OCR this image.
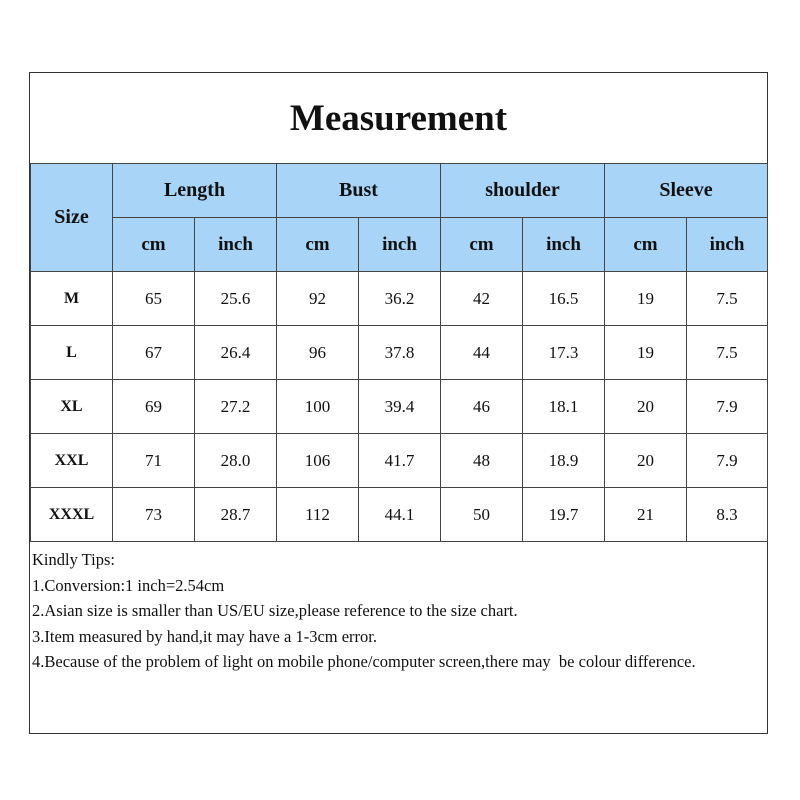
Measurement
Size	Length		Bust		shoulder		Sleeve	
	cm	inch	cm	inch	cm	inch	cm	inch
M	65	25.6	92	36.2	42	16.5	19	7.5
L	67	26.4	96	37.8	44	17.3	19	7.5
XL	69	27.2	100	39.4	46	18.1	20	7.9
XXL	71	28.0	106	41.7	48	18.9	20	7.9
XXXL	73	28.7	112	44.1	50	19.7	21	8.3
Kindly Tips:
1.Conversion:1 inch=2.54cm
2.Asian size is smaller than US/EU size,please reference to the size chart.
3.Item measured by hand,it may have a 1-3cm error.
4.Because of the problem of light on mobile phone/computer screen,there may  be colour difference.
